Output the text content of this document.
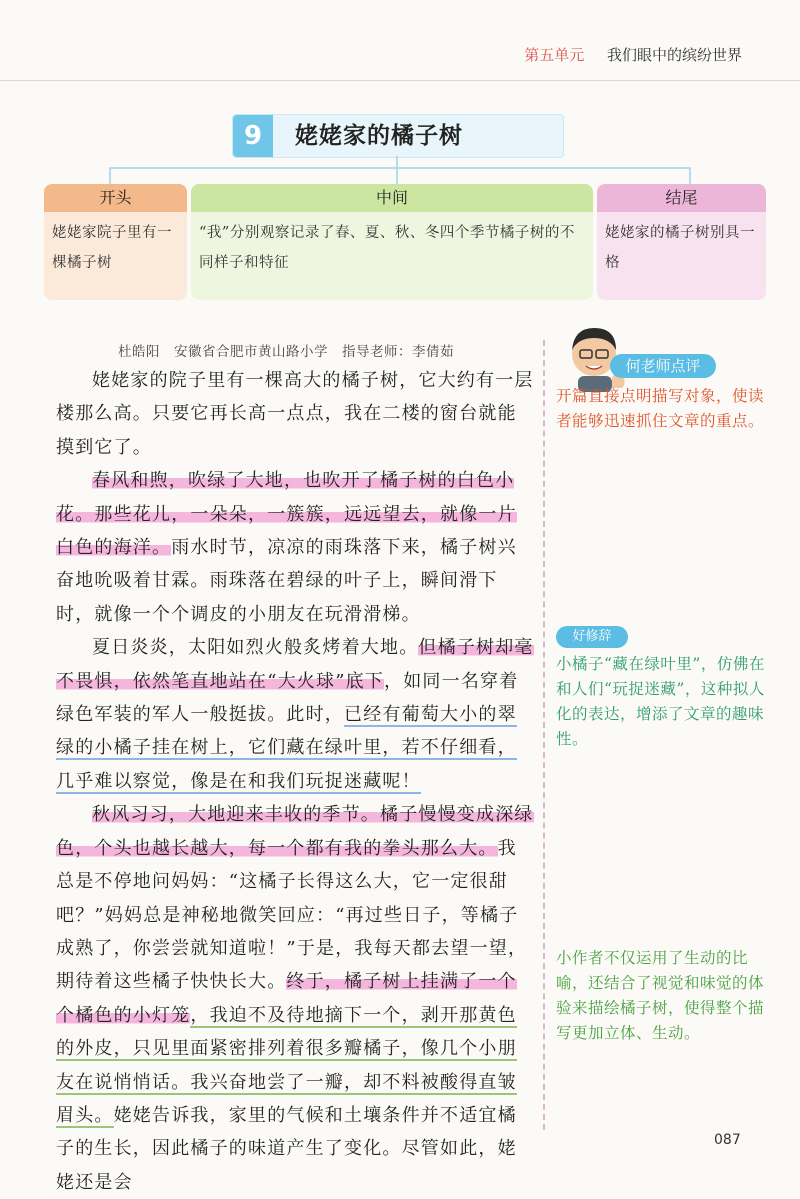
第五单元 我们眼中的缤纷世界
9	姥姥家的橘子树
开头
姥姥家院子里有一棵橘子树
中间
“我”分别观察记录了春、夏、秋、冬四个季节橘子树的不同样子和特征
结尾
姥姥家的橘子树别具一格
杜皓阳　安徽省合肥市黄山路小学　指导老师：李倩茹

姥姥家的院子里有一棵高大的橘子树，它大约有一层楼那么高。只要它再长高一点点，我在二楼的窗台就能摸到它了。

春风和煦，吹绿了大地，也吹开了橘子树的白色小花。那些花儿，一朵朵，一簇簇，远远望去，就像一片白色的海洋。雨水时节，凉凉的雨珠落下来，橘子树兴奋地吮吸着甘霖。雨珠落在碧绿的叶子上，瞬间滑下时，就像一个个调皮的小朋友在玩滑滑梯。

夏日炎炎，太阳如烈火般炙烤着大地。但橘子树却毫不畏惧，依然笔直地站在“大火球”底下，如同一名穿着绿色军装的军人一般挺拔。此时，已经有葡萄大小的翠绿的小橘子挂在树上，它们藏在绿叶里，若不仔细看，几乎难以察觉，像是在和我们玩捉迷藏呢！

秋风习习，大地迎来丰收的季节。橘子慢慢变成深绿色，个头也越长越大，每一个都有我的拳头那么大。我总是不停地问妈妈：“这橘子长得这么大，它一定很甜吧？”妈妈总是神秘地微笑回应：“再过些日子，等橘子成熟了，你尝尝就知道啦！”于是，我每天都去望一望，期待着这些橘子快快长大。终于，橘子树上挂满了一个个橘色的小灯笼，我迫不及待地摘下一个，剥开那黄色的外皮，只见里面紧密排列着很多瓣橘子，像几个小朋友在说悄悄话。我兴奋地尝了一瓣，却不料被酸得直皱眉头。姥姥告诉我，家里的气候和土壤条件并不适宜橘子的生长，因此橘子的味道产生了变化。尽管如此，姥姥还是会

何老师点评
开篇直接点明描写对象，使读者能够迅速抓住文章的重点。
好修辞
小橘子“藏在绿叶里”，仿佛在和人们“玩捉迷藏”，这种拟人化的表达，增添了文章的趣味性。
小作者不仅运用了生动的比喻，还结合了视觉和味觉的体验来描绘橘子树，使得整个描写更加立体、生动。
087
